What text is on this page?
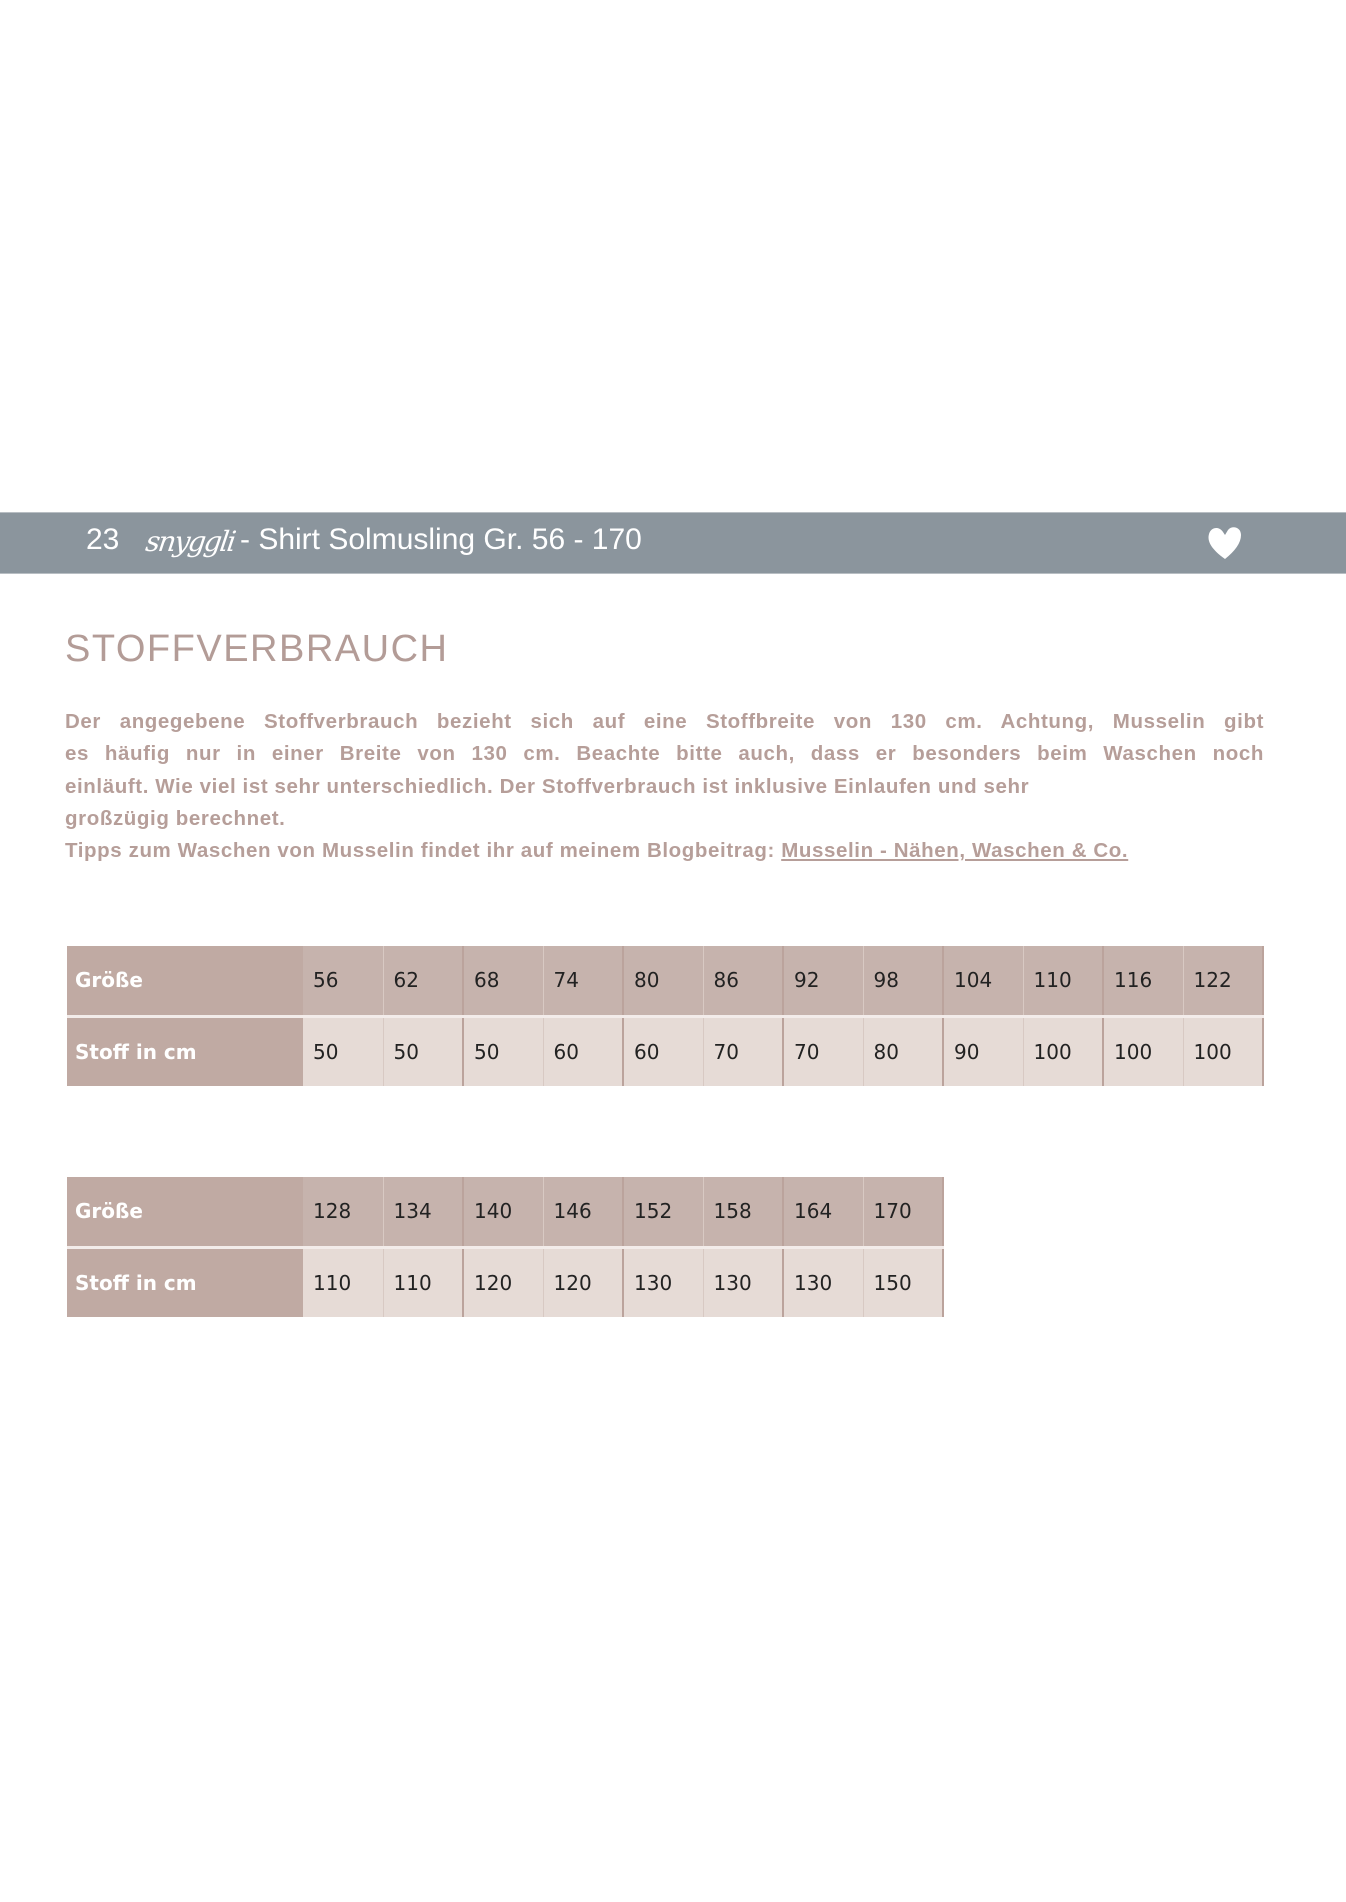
23 snyggli - Shirt Solmusling Gr. 56 - 170
STOFFVERBRAUCH
Der angegebene Stoffverbrauch bezieht sich auf eine Stoffbreite von 130 cm. Achtung, Musselin gibt
es häufig nur in einer Breite von 130 cm. Beachte bitte auch, dass er besonders beim Waschen noch
einläuft. Wie viel ist sehr unterschiedlich. Der Stoffverbrauch ist inklusive Einlaufen und sehr
großzügig berechnet.
Tipps zum Waschen von Musselin findet ihr auf meinem Blogbeitrag: Musselin - Nähen, Waschen & Co.
Größe	56	62	68	74	80	86	92	98	104	110	116	122
Stoff in cm	50	50	50	60	60	70	70	80	90	100	100	100
Größe	128	134	140	146	152	158	164	170
Stoff in cm	110	110	120	120	130	130	130	150
